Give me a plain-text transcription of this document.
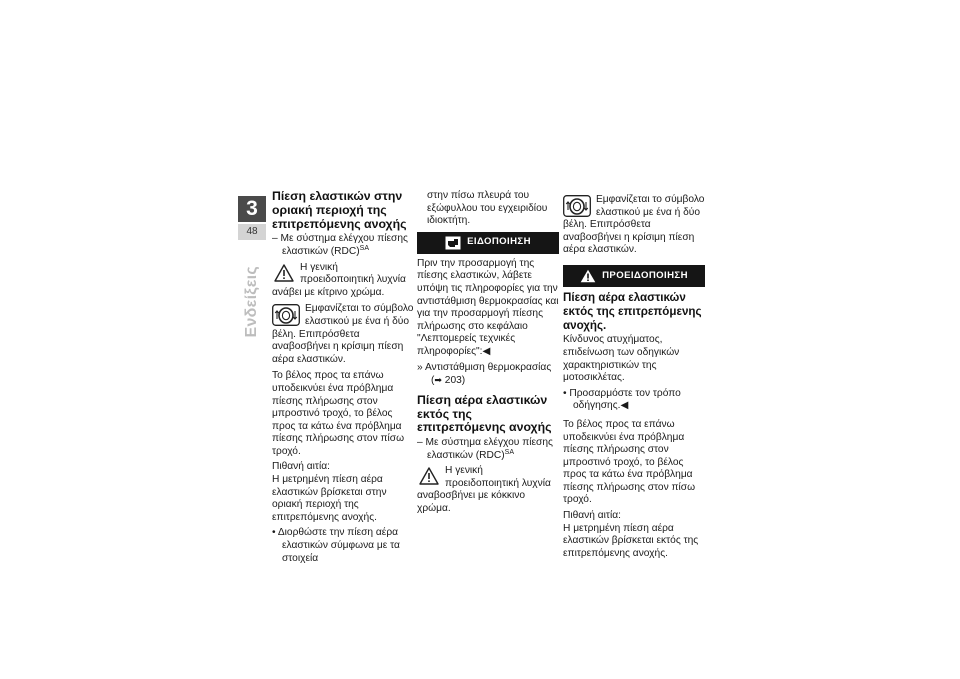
3
48
Ενδείξεις
Πίεση ελαστικών στην οριακή περιοχή της επιτρεπόμενης ανοχής

– Με σύστημα ελέγχου πίεσης ελαστικών (RDC)$^{SA}$

Η γενική προειδοποιητική λυχνία ανάβει με κίτρινο χρώμα.
Εμφανίζεται το σύμβολο ελαστικού με ένα ή δύο βέλη. Επιπρόσθετα αναβοσβήνει η κρίσιμη πίεση αέρα ελαστικών.

Το βέλος προς τα επάνω υποδεικνύει ένα πρόβλημα πίεσης πλήρωσης στον μπροστινό τροχό, το βέλος προς τα κάτω ένα πρόβλημα πίεσης πλήρωσης στον πίσω τροχό.

Πιθανή αιτία:

Η μετρημένη πίεση αέρα ελαστικών βρίσκεται στην οριακή περιοχή της επιτρεπόμενης ανοχής.

• Διορθώστε την πίεση αέρα ελαστικών σύμφωνα με τα στοιχεία

στην πίσω πλευρά του εξώφυλλου του εγχειριδίου ιδιοκτήτη.

ΕΙΔΟΠΟΙΗΣΗ

Πριν την προσαρμογή της πίεσης ελαστικών, λάβετε υπόψη τις πληροφορίες για την αντιστάθμιση θερμοκρασίας και για την προσαρμογή πίεσης πλήρωσης στο κεφάλαιο "Λεπτομερείς τεχνικές πληροφορίες":◀

» Αντιστάθμιση θερμοκρασίας
(➡ 203)

Πίεση αέρα ελαστικών εκτός της επιτρεπόμενης ανοχής

– Με σύστημα ελέγχου πίεσης ελαστικών (RDC)$^{SA}$

Η γενική προειδοποιητική λυχνία αναβοσβήνει με κόκκινο χρώμα.
Εμφανίζεται το σύμβολο ελαστικού με ένα ή δύο βέλη. Επιπρόσθετα αναβοσβήνει η κρίσιμη πίεση αέρα ελαστικών.
ΠΡΟΕΙΔΟΠΟΙΗΣΗ
Πίεση αέρα ελαστικών εκτός της επιτρεπόμενης ανοχής.

Κίνδυνος ατυχήματος, επιδείνωση των οδηγικών χαρακτηριστικών της μοτοσικλέτας.

• Προσαρμόστε τον τρόπο οδήγησης.◀

Το βέλος προς τα επάνω υποδεικνύει ένα πρόβλημα πίεσης πλήρωσης στον μπροστινό τροχό, το βέλος προς τα κάτω ένα πρόβλημα πίεσης πλήρωσης στον πίσω τροχό.

Πιθανή αιτία:

Η μετρημένη πίεση αέρα ελαστικών βρίσκεται εκτός της επιτρεπόμενης ανοχής.
